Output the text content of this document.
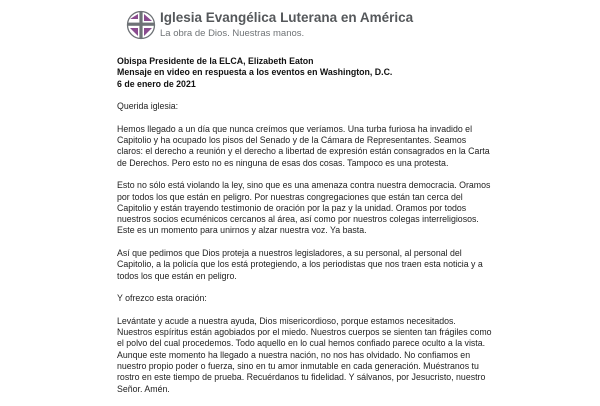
Iglesia Evangélica Luterana en América
La obra de Dios. Nuestras manos.

Obispa Presidente de la ELCA, Elizabeth Eaton
Mensaje en video en respuesta a los eventos en Washington, D.C.
6 de enero de 2021

Querida iglesia:

Hemos llegado a un día que nunca creímos que veríamos. Una turba furiosa ha invadido el Capitolio y ha ocupado los pisos del Senado y de la Cámara de Representantes. Seamos claros: el derecho a reunión y el derecho a libertad de expresión están consagrados en la Carta de Derechos. Pero esto no es ninguna de esas dos cosas. Tampoco es una protesta.

Esto no sólo está violando la ley, sino que es una amenaza contra nuestra democracia. Oramos por todos los que están en peligro. Por nuestras congregaciones que están tan cerca del Capitolio y están trayendo testimonio de oración por la paz y la unidad. Oramos por todos nuestros socios ecuménicos cercanos al área, así como por nuestros colegas interreligiosos. Este es un momento para unirnos y alzar nuestra voz. Ya basta.

Así que pedimos que Dios proteja a nuestros legisladores, a su personal, al personal del Capitolio, a la policía que los está protegiendo, a los periodistas que nos traen esta noticia y a todos los que están en peligro.

Y ofrezco esta oración:

Levántate y acude a nuestra ayuda, Dios misericordioso, porque estamos necesitados. Nuestros espíritus están agobiados por el miedo. Nuestros cuerpos se sienten tan frágiles como el polvo del cual procedemos. Todo aquello en lo cual hemos confiado parece oculto a la vista. Aunque este momento ha llegado a nuestra nación, no nos has olvidado. No confiamos en nuestro propio poder o fuerza, sino en tu amor inmutable en cada generación. Muéstranos tu rostro en este tiempo de prueba. Recuérdanos tu fidelidad. Y sálvanos, por Jesucristo, nuestro Señor. Amén.
